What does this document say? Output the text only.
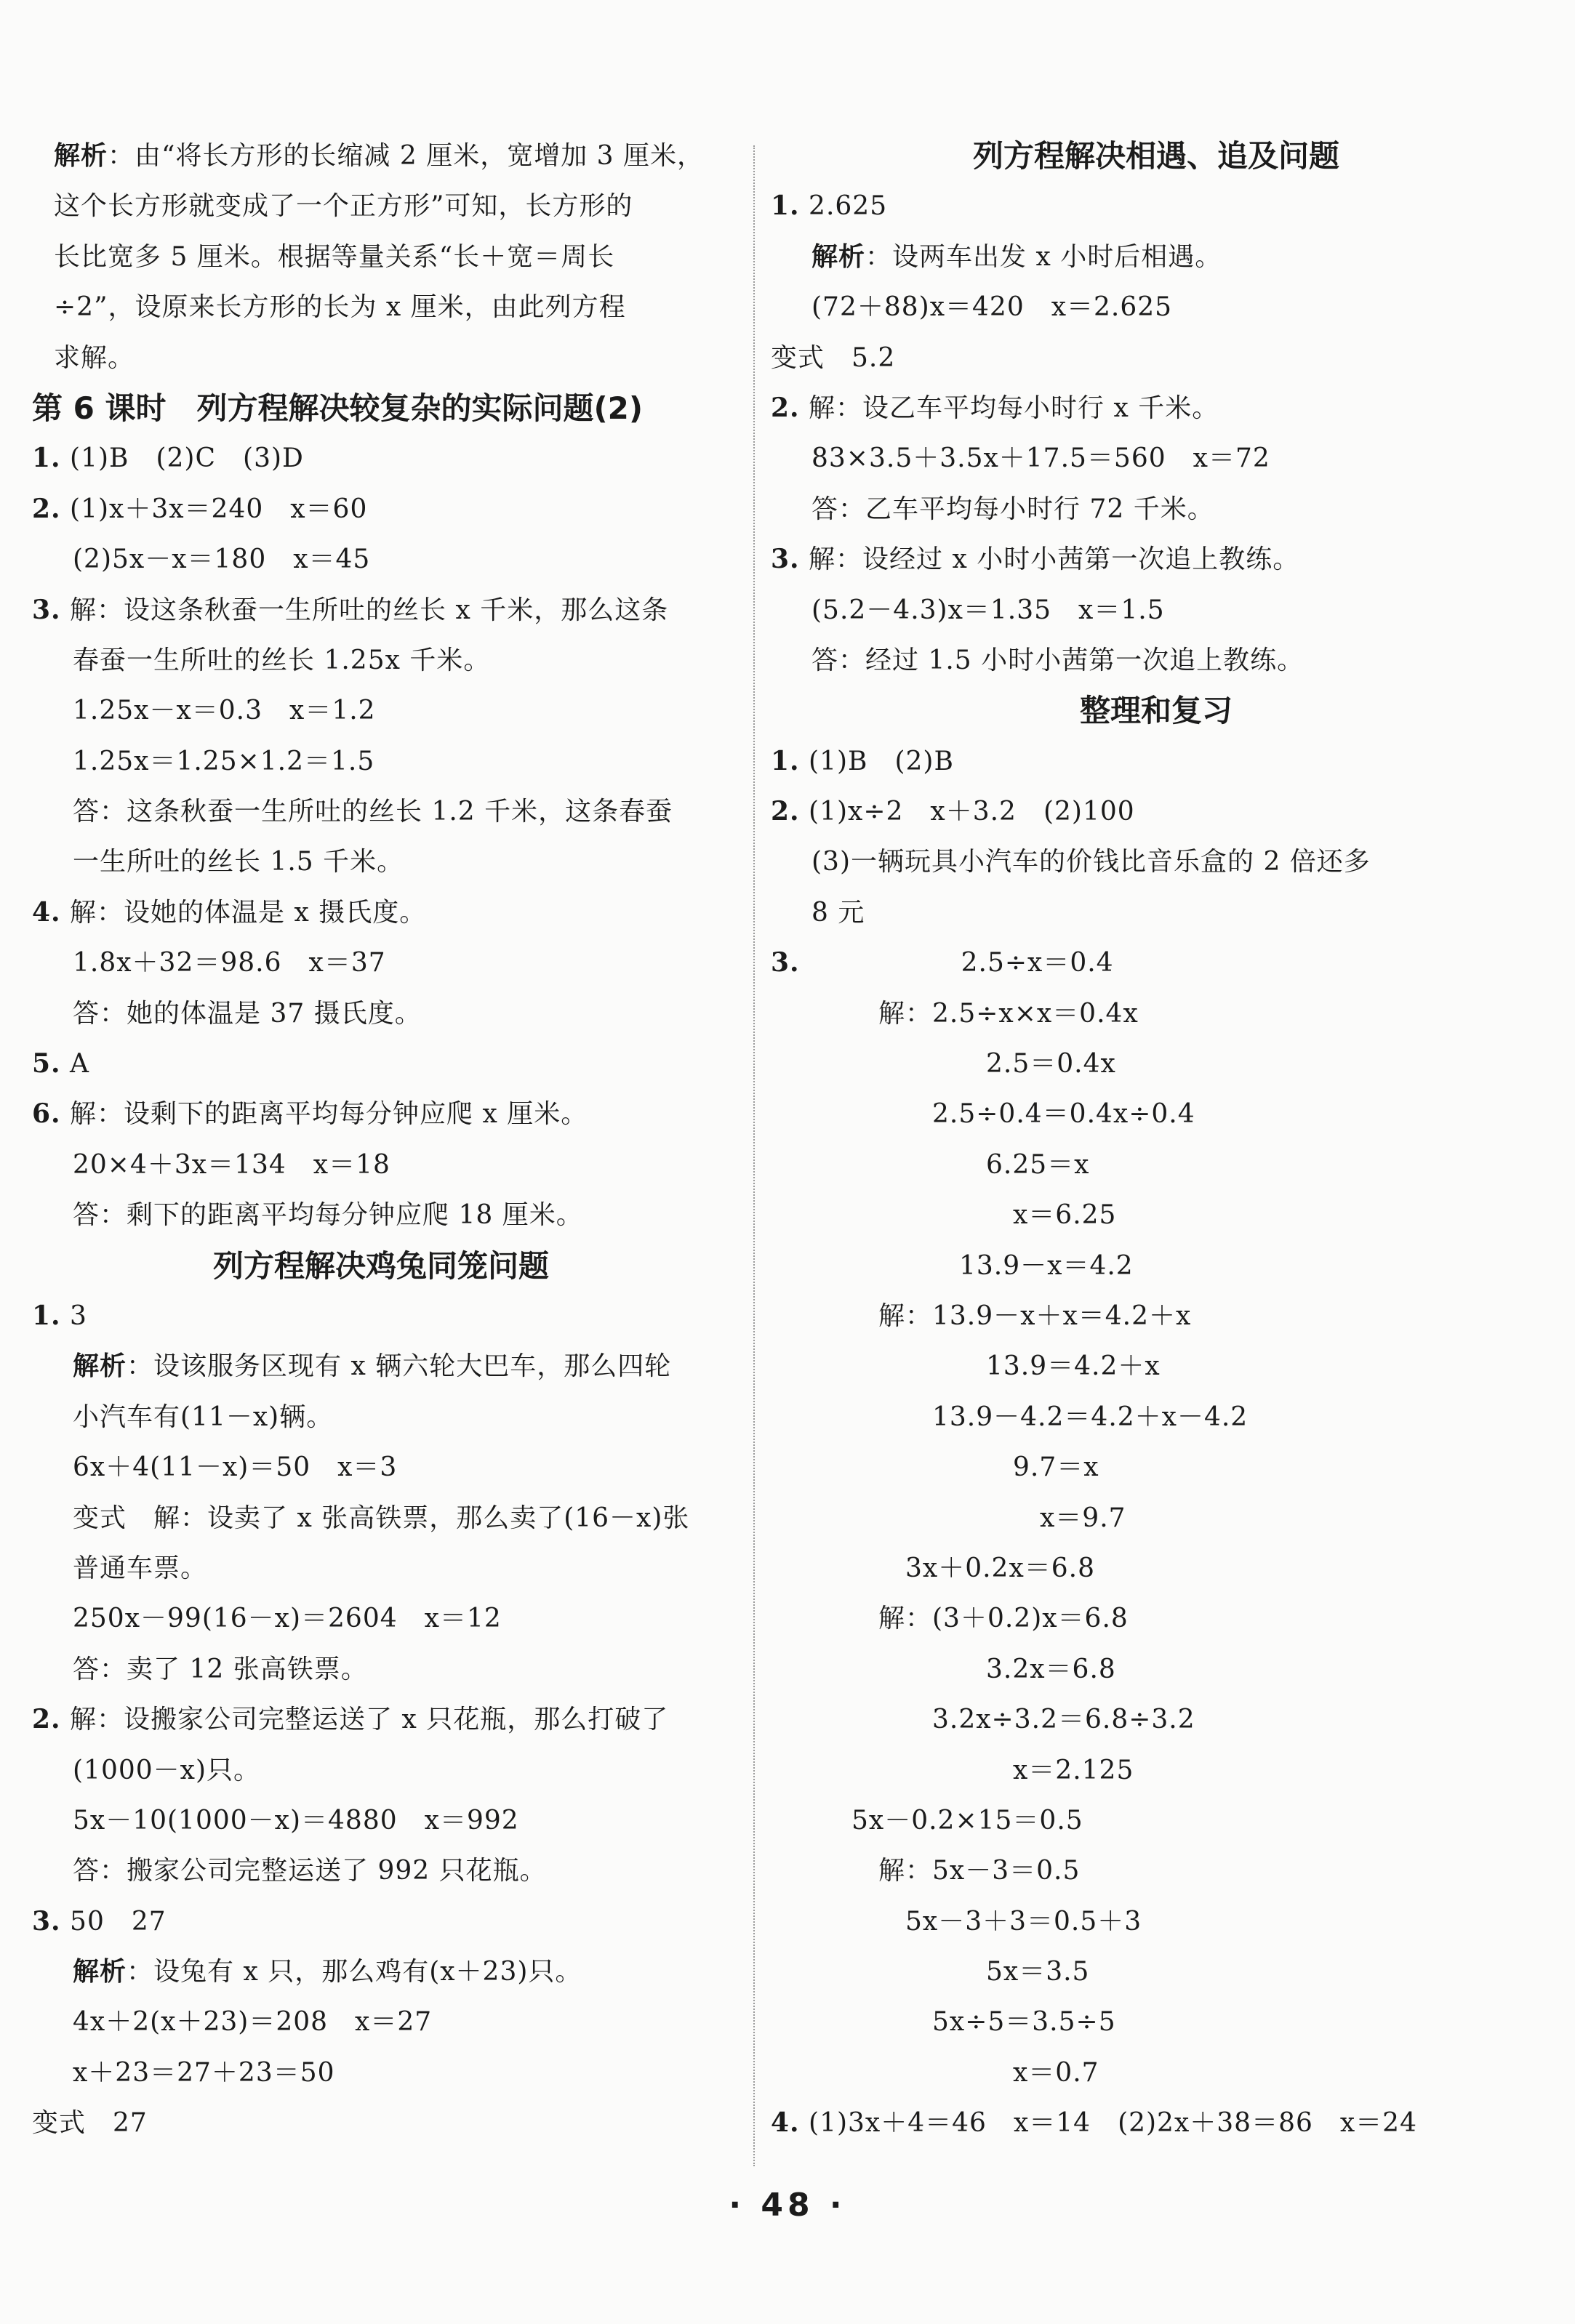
解析：由“将长方形的长缩减 2 厘米，宽增加 3 厘米，
这个长方形就变成了一个正方形”可知，长方形的
长比宽多 5 厘米。根据等量关系“长＋宽＝周长
÷2”，设原来长方形的长为 x 厘米，由此列方程
求解。
第 6 课时　列方程解决较复杂的实际问题(2)
1. (1)B　(2)C　(3)D
2. (1)x＋3x＝240　x＝60
(2)5x－x＝180　x＝45
3. 解：设这条秋蚕一生所吐的丝长 x 千米，那么这条
春蚕一生所吐的丝长 1.25x 千米。
1.25x－x＝0.3　x＝1.2
1.25x＝1.25×1.2＝1.5
答：这条秋蚕一生所吐的丝长 1.2 千米，这条春蚕
一生所吐的丝长 1.5 千米。
4. 解：设她的体温是 x 摄氏度。
1.8x＋32＝98.6　x＝37
答：她的体温是 37 摄氏度。
5. A
6. 解：设剩下的距离平均每分钟应爬 x 厘米。
20×4＋3x＝134　x＝18
答：剩下的距离平均每分钟应爬 18 厘米。
列方程解决鸡兔同笼问题
1. 3
解析：设该服务区现有 x 辆六轮大巴车，那么四轮
小汽车有(11－x)辆。
6x＋4(11－x)＝50　x＝3
变式　解：设卖了 x 张高铁票，那么卖了(16－x)张
普通车票。
250x－99(16－x)＝2604　x＝12
答：卖了 12 张高铁票。
2. 解：设搬家公司完整运送了 x 只花瓶，那么打破了
(1000－x)只。
5x－10(1000－x)＝4880　x＝992
答：搬家公司完整运送了 992 只花瓶。
3. 50　27
解析：设兔有 x 只，那么鸡有(x＋23)只。
4x＋2(x＋23)＝208　x＝27
x＋23＝27＋23＝50
变式　27
列方程解决相遇、追及问题
1. 2.625
解析：设两车出发 x 小时后相遇。
(72＋88)x＝420　x＝2.625
变式　5.2
2. 解：设乙车平均每小时行 x 千米。
83×3.5＋3.5x＋17.5＝560　x＝72
答：乙车平均每小时行 72 千米。
3. 解：设经过 x 小时小茜第一次追上教练。
(5.2－4.3)x＝1.35　x＝1.5
答：经过 1.5 小时小茜第一次追上教练。
整理和复习
1. (1)B　(2)B
2. (1)x÷2　x＋3.2　(2)100
(3)一辆玩具小汽车的价钱比音乐盒的 2 倍还多
8 元
3.　　　　　　2.5÷x＝0.4
　　　　解：2.5÷x×x＝0.4x
　　　　　　　　2.5＝0.4x
　　　　　　2.5÷0.4＝0.4x÷0.4
　　　　　　　　6.25＝x
　　　　　　　　　x＝6.25
　　　　　　　13.9－x＝4.2
　　　　解：13.9－x＋x＝4.2＋x
　　　　　　　　13.9＝4.2＋x
　　　　　　13.9－4.2＝4.2＋x－4.2
　　　　　　　　　9.7＝x
　　　　　　　　　　x＝9.7
　　　　　3x＋0.2x＝6.8
　　　　解：(3＋0.2)x＝6.8
　　　　　　　　3.2x＝6.8
　　　　　　3.2x÷3.2＝6.8÷3.2
　　　　　　　　　x＝2.125
　　　5x－0.2×15＝0.5
　　　　解：5x－3＝0.5
　　　　　5x－3＋3＝0.5＋3
　　　　　　　　5x＝3.5
　　　　　　5x÷5＝3.5÷5
　　　　　　　　　x＝0.7
4. (1)3x＋4＝46　x＝14　(2)2x＋38＝86　x＝24
· 48 ·
